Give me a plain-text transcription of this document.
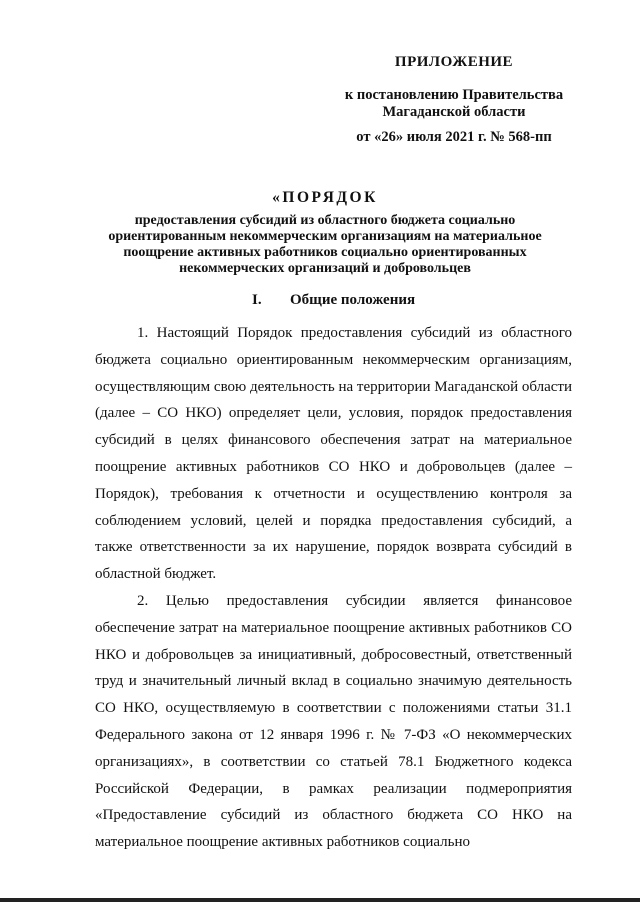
ПРИЛОЖЕНИЕ
к постановлению Правительства Магаданской области
от «26» июля 2021 г. № 568-пп
«ПОРЯДОК
предоставления субсидий из областного бюджета социально ориентированным некоммерческим организациям на материальное поощрение активных работников социально ориентированных некоммерческих организаций и добровольцев
I. Общие положения

1. Настоящий Порядок предоставления субсидий из областного бюджета социально ориентированным некоммерческим организациям, осуществляющим свою деятельность на территории Магаданской области (далее – СО НКО) определяет цели, условия, порядок предоставления субсидий в целях финансового обеспечения затрат на материальное поощрение активных работников СО НКО и добровольцев (далее – Порядок), требования к отчетности и осуществлению контроля за соблюдением условий, целей и порядка предоставления субсидий, а также ответственности за их нарушение, порядок возврата субсидий в областной бюджет.

2. Целью предоставления субсидии является финансовое обеспечение затрат на материальное поощрение активных работников СО НКО и добровольцев за инициативный, добросовестный, ответственный труд и значительный личный вклад в социально значимую деятельность СО НКО, осуществляемую в соответствии с положениями статьи 31.1 Федерального закона от 12 января 1996 г. № 7-ФЗ «О некоммерческих организациях», в соответствии со статьей 78.1 Бюджетного кодекса Российской Федерации, в рамках реализации подмероприятия «Предоставление субсидий из областного бюджета СО НКО на материальное поощрение активных работников социально
